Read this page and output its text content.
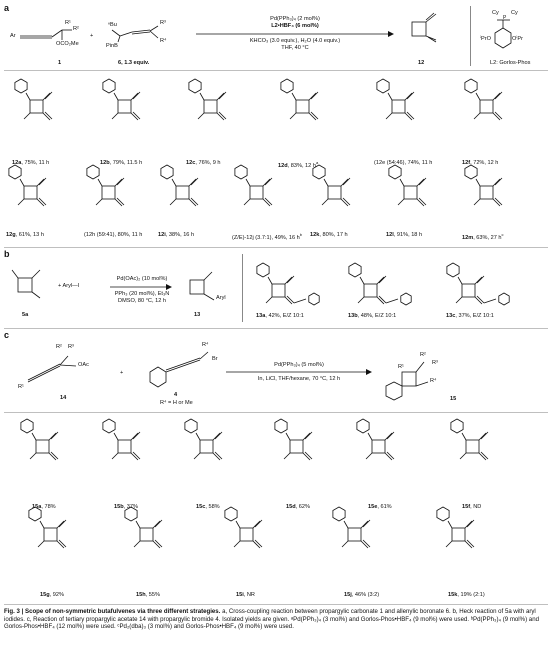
a
Ar
R¹
R²
OCO₂Me
1
+
ⁿBu
PinB
R³
R⁴
6, 1.3 equiv.
Pd(PPh₃)₄ (2 mol%)
L2•HBF₄ (6 mol%)
KHCO₃ (3.0 equiv.), H₂O (4.0 equiv.)
THF, 40 °C
12
Cy Cy
P
ⁱPrO	OⁱPr
L2: Gorlos-Phos
12a, 75%, 11 h	12b, 79%, 11.5 h	12c, 76%, 9 h	12d, 83%, 12 $h^a$	(12e (54:46), 74%, 11 h	12f, 72%, 12 h
12g, 61%, 13 h	(12h (59:41), 80%, 11 h	12i, 38%, 16 h	(Z/E)-12j (3.7:1), 49%, 16 $h^b$ 12k, 80%, 17 h	12l, 91%, 18 h	12m, 63%, 27 $h^c$
b
5a
+ Aryl—I
Pd(OAc)₂ (10 mol%)
PPh₃ (20 mol%), Et₃N
DMSO, 80 °C, 12 h	Aryl
13	13a, 42%, E/Z 10:1	13b, 48%, E/Z 10:1	13c, 37%, E/Z 10:1
c
R² R³
OAc
R¹
14
+
R⁴
Br
4
R⁴ = H or Me
Pd(PPh₃)₄ (5 mol%)
In, LiCl, THF/hexane, 70 °C, 12 h
R²
R³
R¹
R⁴
15
15a, 78%	15b, 37%	15c, 58%	15d, 62%	15e, 61%	15f, ND
15g, 92%	15h, 55%	15i, NR	15j, 46% (3:2)	15k, 19% (2:1)
Fig. 3 | Scope of non-symmetric butafulvenes via three different strategies. a, Cross-coupling reaction between propargylic carbonate 1 and allenylic boronate 6. b, Heck reaction of 5a with aryl iodides. c, Reaction of tertiary propargylic acetate 14 with propargylic bromide 4. Isolated yields are given. ᵃPd(PPh₃)₄ (3 mol%) and Gorlos-Phos•HBF₄ (9 mol%) were used. ᵇPd(PPh₃)₄ (9 mol%) and Gorlos-Phos•HBF₄ (12 mol%) were used. ᶜPd₂(dba)₃ (3 mol%) and Gorlos-Phos•HBF₄ (9 mol%) were used.
